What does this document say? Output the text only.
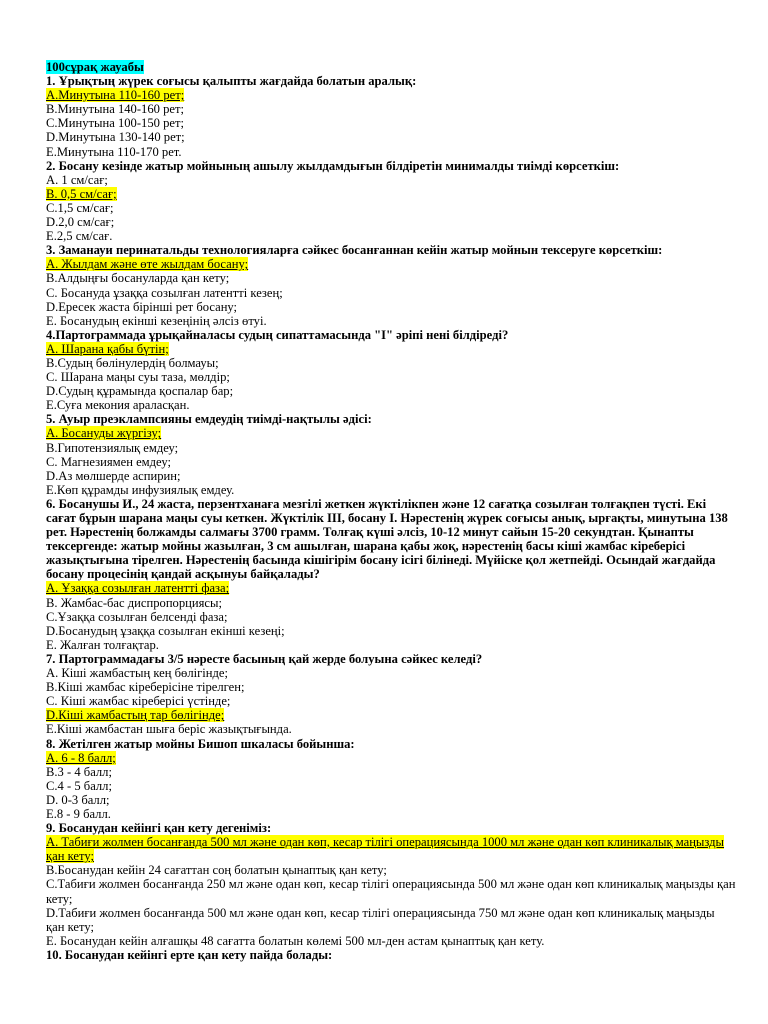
100сұрақ жауабы
1. Ұрықтың жүрек соғысы қалыпты жағдайда болатын аралық:
A.Минутына 110-160 рет;
B.Минутына 140-160 рет;
C.Минутына 100-150 рет;
D.Минутына 130-140 рет;
E.Минутына 110-170 рет.
2. Босану кезінде жатыр мойнының ашылу жылдамдығын білдіретін минималды тиімді көрсеткіш:
A. 1 см/сағ;
B. 0,5 см/сағ;
C.1,5 см/сағ;
D.2,0 см/сағ;
E.2,5 см/сағ.
3. Заманауи перинатальды технологияларға сәйкес босанғаннан кейін жатыр мойнын тексеруге көрсеткіш:
A. Жылдам және өте жылдам босану;
B.Алдыңғы босануларда қан кету;
C. Босануда ұзаққа созылған латентті кезең;
D.Ересек жаста бірінші рет босану;
E. Босанудың екінші кезеңінің әлсіз өтуі.
4.Партограммада ұрықайналасы судың сипаттамасында "I" әріпі нені білдіреді?
A. Шарана қабы бүтін;
B.Судың бөлінулердің болмауы;
C. Шарана маңы суы таза, мөлдір;
D.Судың құрамында қоспалар бар;
E.Суға мекония араласқан.
5. Ауыр преэклампсияны емдеудің тиімді-нақтылы әдісі:
A. Босануды жүргізу;
B.Гипотензиялық емдеу;
C. Магнезиямен емдеу;
D.Аз мөлшерде аспирин;
E.Көп құрамды инфузиялық емдеу.
6. Босанушы И., 24 жаста, перзентханаға мезгілі жеткен жүктілікпен және 12 сағатқа созылған толғақпен түсті. Екі сағат бұрын шарана маңы суы кеткен. Жүктілік III, босану I. Нәрестенің жүрек соғысы анық, ырғақты, минутына 138 рет. Нәрестенің болжамды салмағы 3700 грамм. Толғақ күші әлсіз, 10-12 минут сайын 15-20 секундтан. Қынапты тексергенде: жатыр мойны жазылған, 3 см ашылған, шарана қабы жоқ, нәрестенің басы кіші жамбас кіреберісі жазықтығына тірелген. Нәрестенің басында кішігірім босану ісігі білінеді. Мүйіске қол жетпейді. Осындай жағдайда босану процесінің қандай асқынуы байқалады?
A. Ұзаққа созылған латентті фаза;
B. Жамбас-бас диспропорциясы;
C.Ұзаққа созылған белсенді фаза;
D.Босанудың ұзаққа созылған екінші кезеңі;
E. Жалған толғақтар.
7. Партограммадағы 3/5 нәресте басының қай жерде болуына сәйкес келеді?
A. Кіші жамбастың кең бөлігінде;
B.Кіші жамбас кіреберісіне тірелген;
C. Кіші жамбас кіреберісі үстінде;
D.Кіші жамбастың тар бөлігінде;
E.Кіші жамбастан шыға беріс жазықтығында.
8. Жетілген жатыр мойны Бишоп шкаласы бойынша:
A. 6 - 8 балл;
B.3 - 4 балл;
C.4 - 5 балл;
D. 0-3 балл;
E.8 - 9 балл.
9. Босанудан кейінгі қан кету дегеніміз:
A. Табиғи жолмен босанғанда 500 мл және одан көп, кесар тілігі операциясында 1000 мл және одан көп клиникалық маңызды қан кету;
B.Босанудан кейін 24 сағаттан соң болатын қынаптық қан кету;
C.Табиғи жолмен босанғанда 250 мл және одан көп, кесар тілігі операциясында 500 мл және одан көп клиникалық маңызды қан кету;
D.Табиғи жолмен босанғанда 500 мл және одан көп, кесар тілігі операциясында 750 мл және одан көп клиникалық маңызды қан кету;
E. Босанудан кейін алғашқы 48 сағатта болатын көлемі 500 мл-ден астам қынаптық қан кету.
10. Босанудан кейінгі ерте қан кету пайда болады:
